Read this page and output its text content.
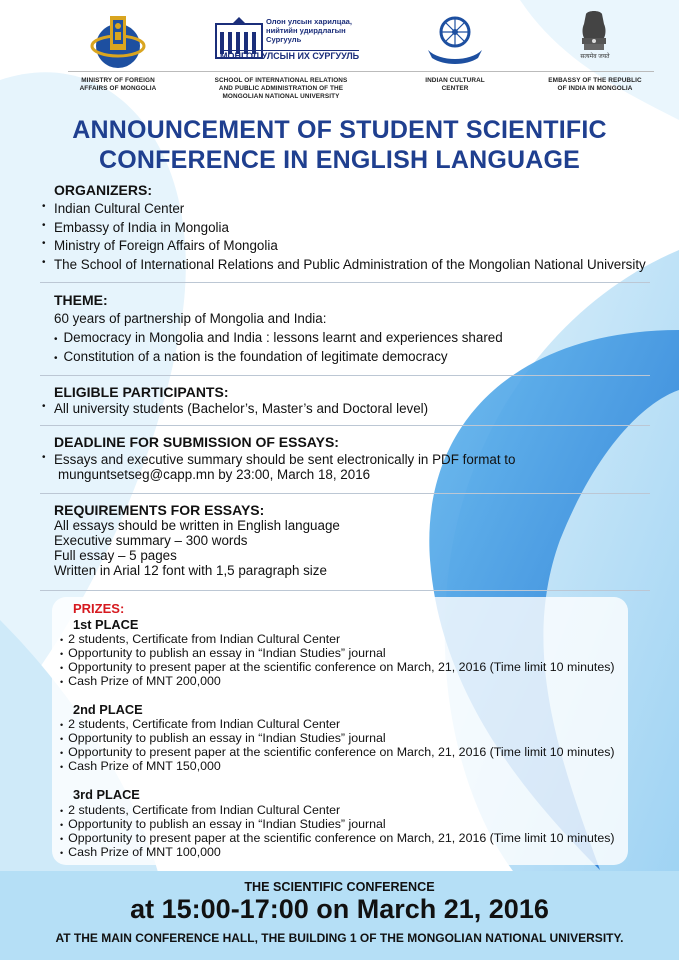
MINISTRY OF FOREIGN
AFFAIRS OF MONGOLIA
Олон улсын харилцаа,
нийтийн удирдлагын
Сургууль
МОНГОЛ УЛСЫН ИХ СУРГУУЛЬ
SCHOOL OF INTERNATIONAL RELATIONS
AND PUBLIC ADMINISTRATION OF THE
MONGOLIAN NATIONAL UNIVERSITY
INDIAN CULTURAL
CENTER
सत्यमेव जयते
EMBASSY OF THE REPUBLIC
OF INDIA IN MONGOLIA
ANNOUNCEMENT OF STUDENT SCIENTIFIC
CONFERENCE IN ENGLISH LANGUAGE
ORGANIZERS:
• Indian Cultural Center
• Embassy of India in Mongolia
• Ministry of Foreign Affairs of Mongolia
• The School of International Relations and Public Administration of the Mongolian National University
THEME:
60 years of partnership of Mongolia and India:
• Democracy in Mongolia and India : lessons learnt and experiences shared
• Constitution of a nation is the foundation of legitimate democracy
ELIGIBLE PARTICIPANTS:
• All university students (Bachelor’s, Master’s and Doctoral level)
DEADLINE FOR SUBMISSION OF ESSAYS:
• Essays and executive summary should be sent electronically in PDF format to
munguntsetseg@capp.mn by 23:00, March 18, 2016
REQUIREMENTS FOR ESSAYS:
All essays should be written in English language
Executive summary – 300 words
Full essay – 5 pages
Written in Arial 12 font with 1,5 paragraph size
PRIZES:
1st PLACE
• 2 students, Certificate from Indian Cultural Center
• Opportunity to publish an essay in “Indian Studies” journal
• Opportunity to present paper at the scientific conference on March, 21, 2016 (Time limit 10 minutes)
• Cash Prize of MNT 200,000
2nd PLACE
• 2 students, Certificate from Indian Cultural Center
• Opportunity to publish an essay in “Indian Studies” journal
• Opportunity to present paper at the scientific conference on March, 21, 2016 (Time limit 10 minutes)
• Cash Prize of MNT 150,000
3rd PLACE
• 2 students, Certificate from Indian Cultural Center
• Opportunity to publish an essay in “Indian Studies” journal
• Opportunity to present paper at the scientific conference on March, 21, 2016 (Time limit 10 minutes)
• Cash Prize of MNT 100,000
THE SCIENTIFIC CONFERENCE
at 15:00-17:00 on March 21, 2016
AT THE MAIN CONFERENCE HALL, THE BUILDING 1 OF THE MONGOLIAN NATIONAL UNIVERSITY.
